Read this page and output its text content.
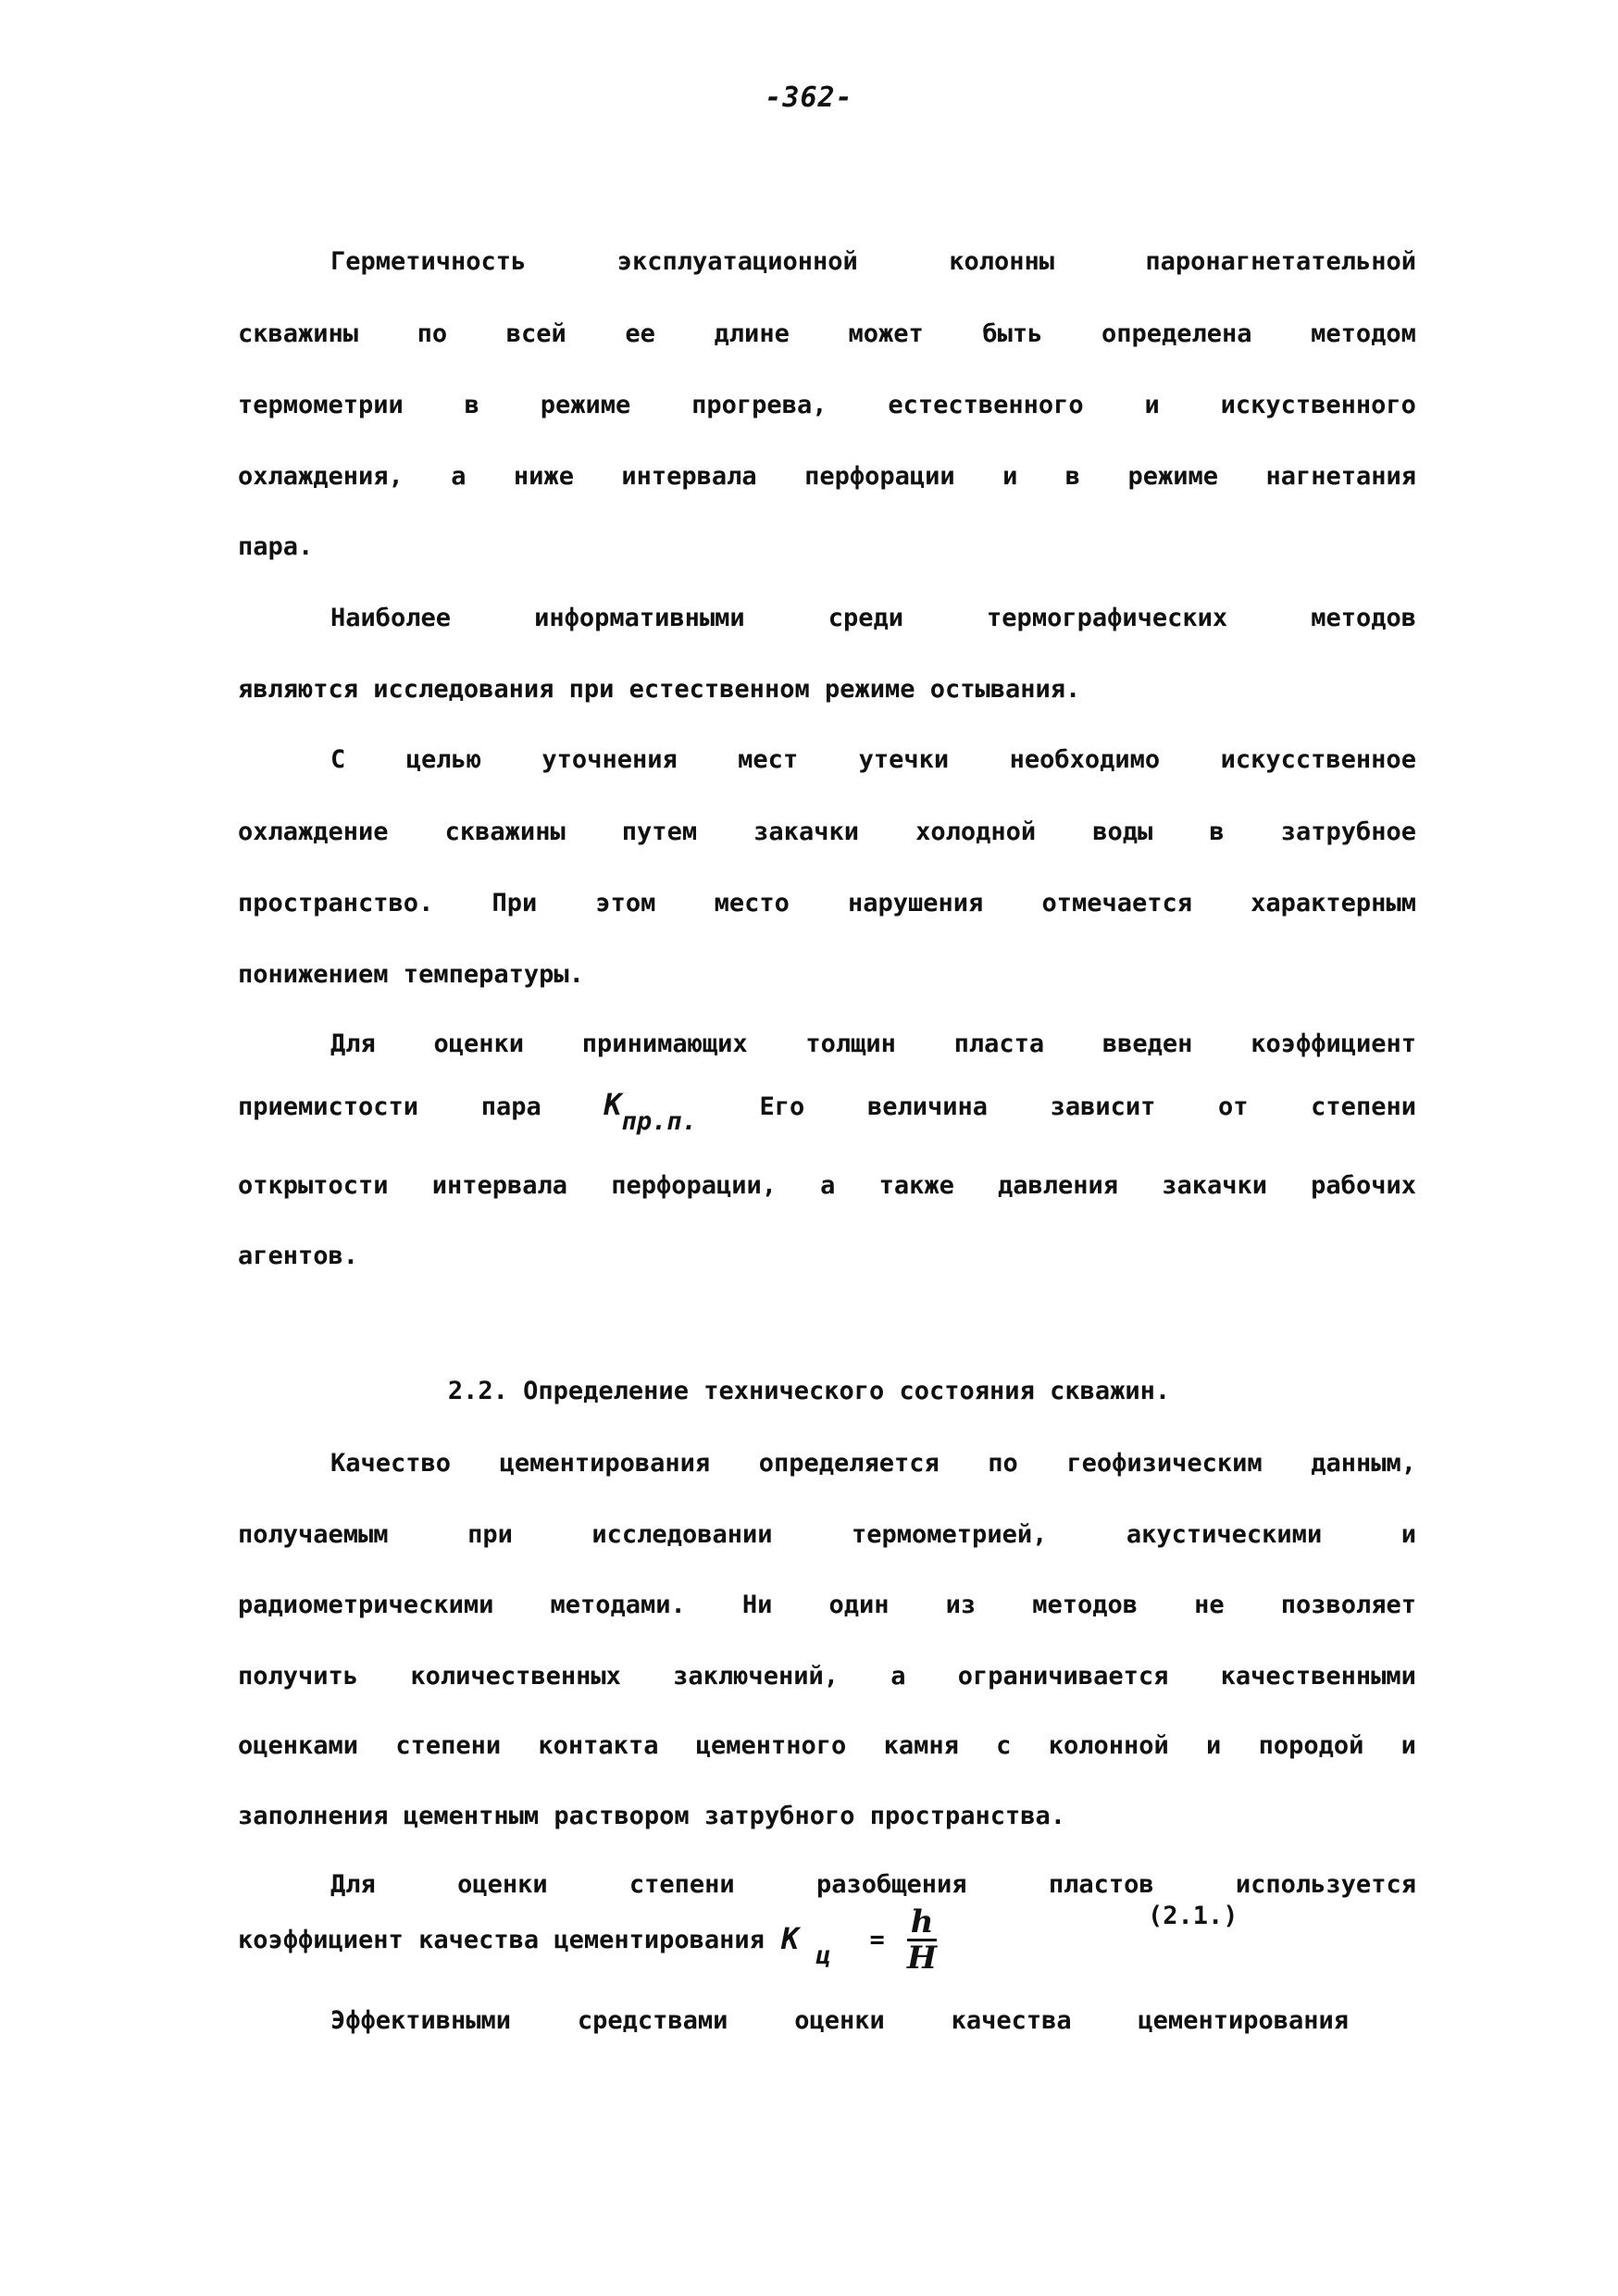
-362-
Герметичность	эксплуатационной	колонны	паронагнетательной
скважины по всей ее длине может быть определена методом
термометрии в режиме прогрева, естественного и искуственного
охлаждения, а ниже интервала перфорации и в режиме нагнетания
пара.
Наиболее	информативными	среди	термографических	методов
являются исследования при естественном режиме остывания.
С целью уточнения мест утечки необходимо искусственное
охлаждение скважины путем закачки холодной воды в затрубное
пространство. При этом место нарушения отмечается характерным
понижением температуры.
Для оценки принимающих толщин пласта введен коэффициент
приемистости	пара Кпр.п.
Его	величина	зависит	от	степени
открытости интервала перфорации, а также давления закачки рабочих
агентов.
2.2. Определение технического состояния скважин.
Качество цементирования определяется по геофизическим данным,
получаемым	при	исследовании	термометрией,	акустическими	и
радиометрическими методами. Ни один из методов не позволяет
получить количественных заключений, а ограничивается качественными
оценками степени контакта цементного камня с колонной и породой и
заполнения цементным раствором затрубного пространства.
Для	оценки	степени	разобщения	пластов	используется
коэффициент качества цементирования К ц
= $\frac{h}{H}$	(2.1.)
Эффективными	средствами	оценки	качества	цементирования
